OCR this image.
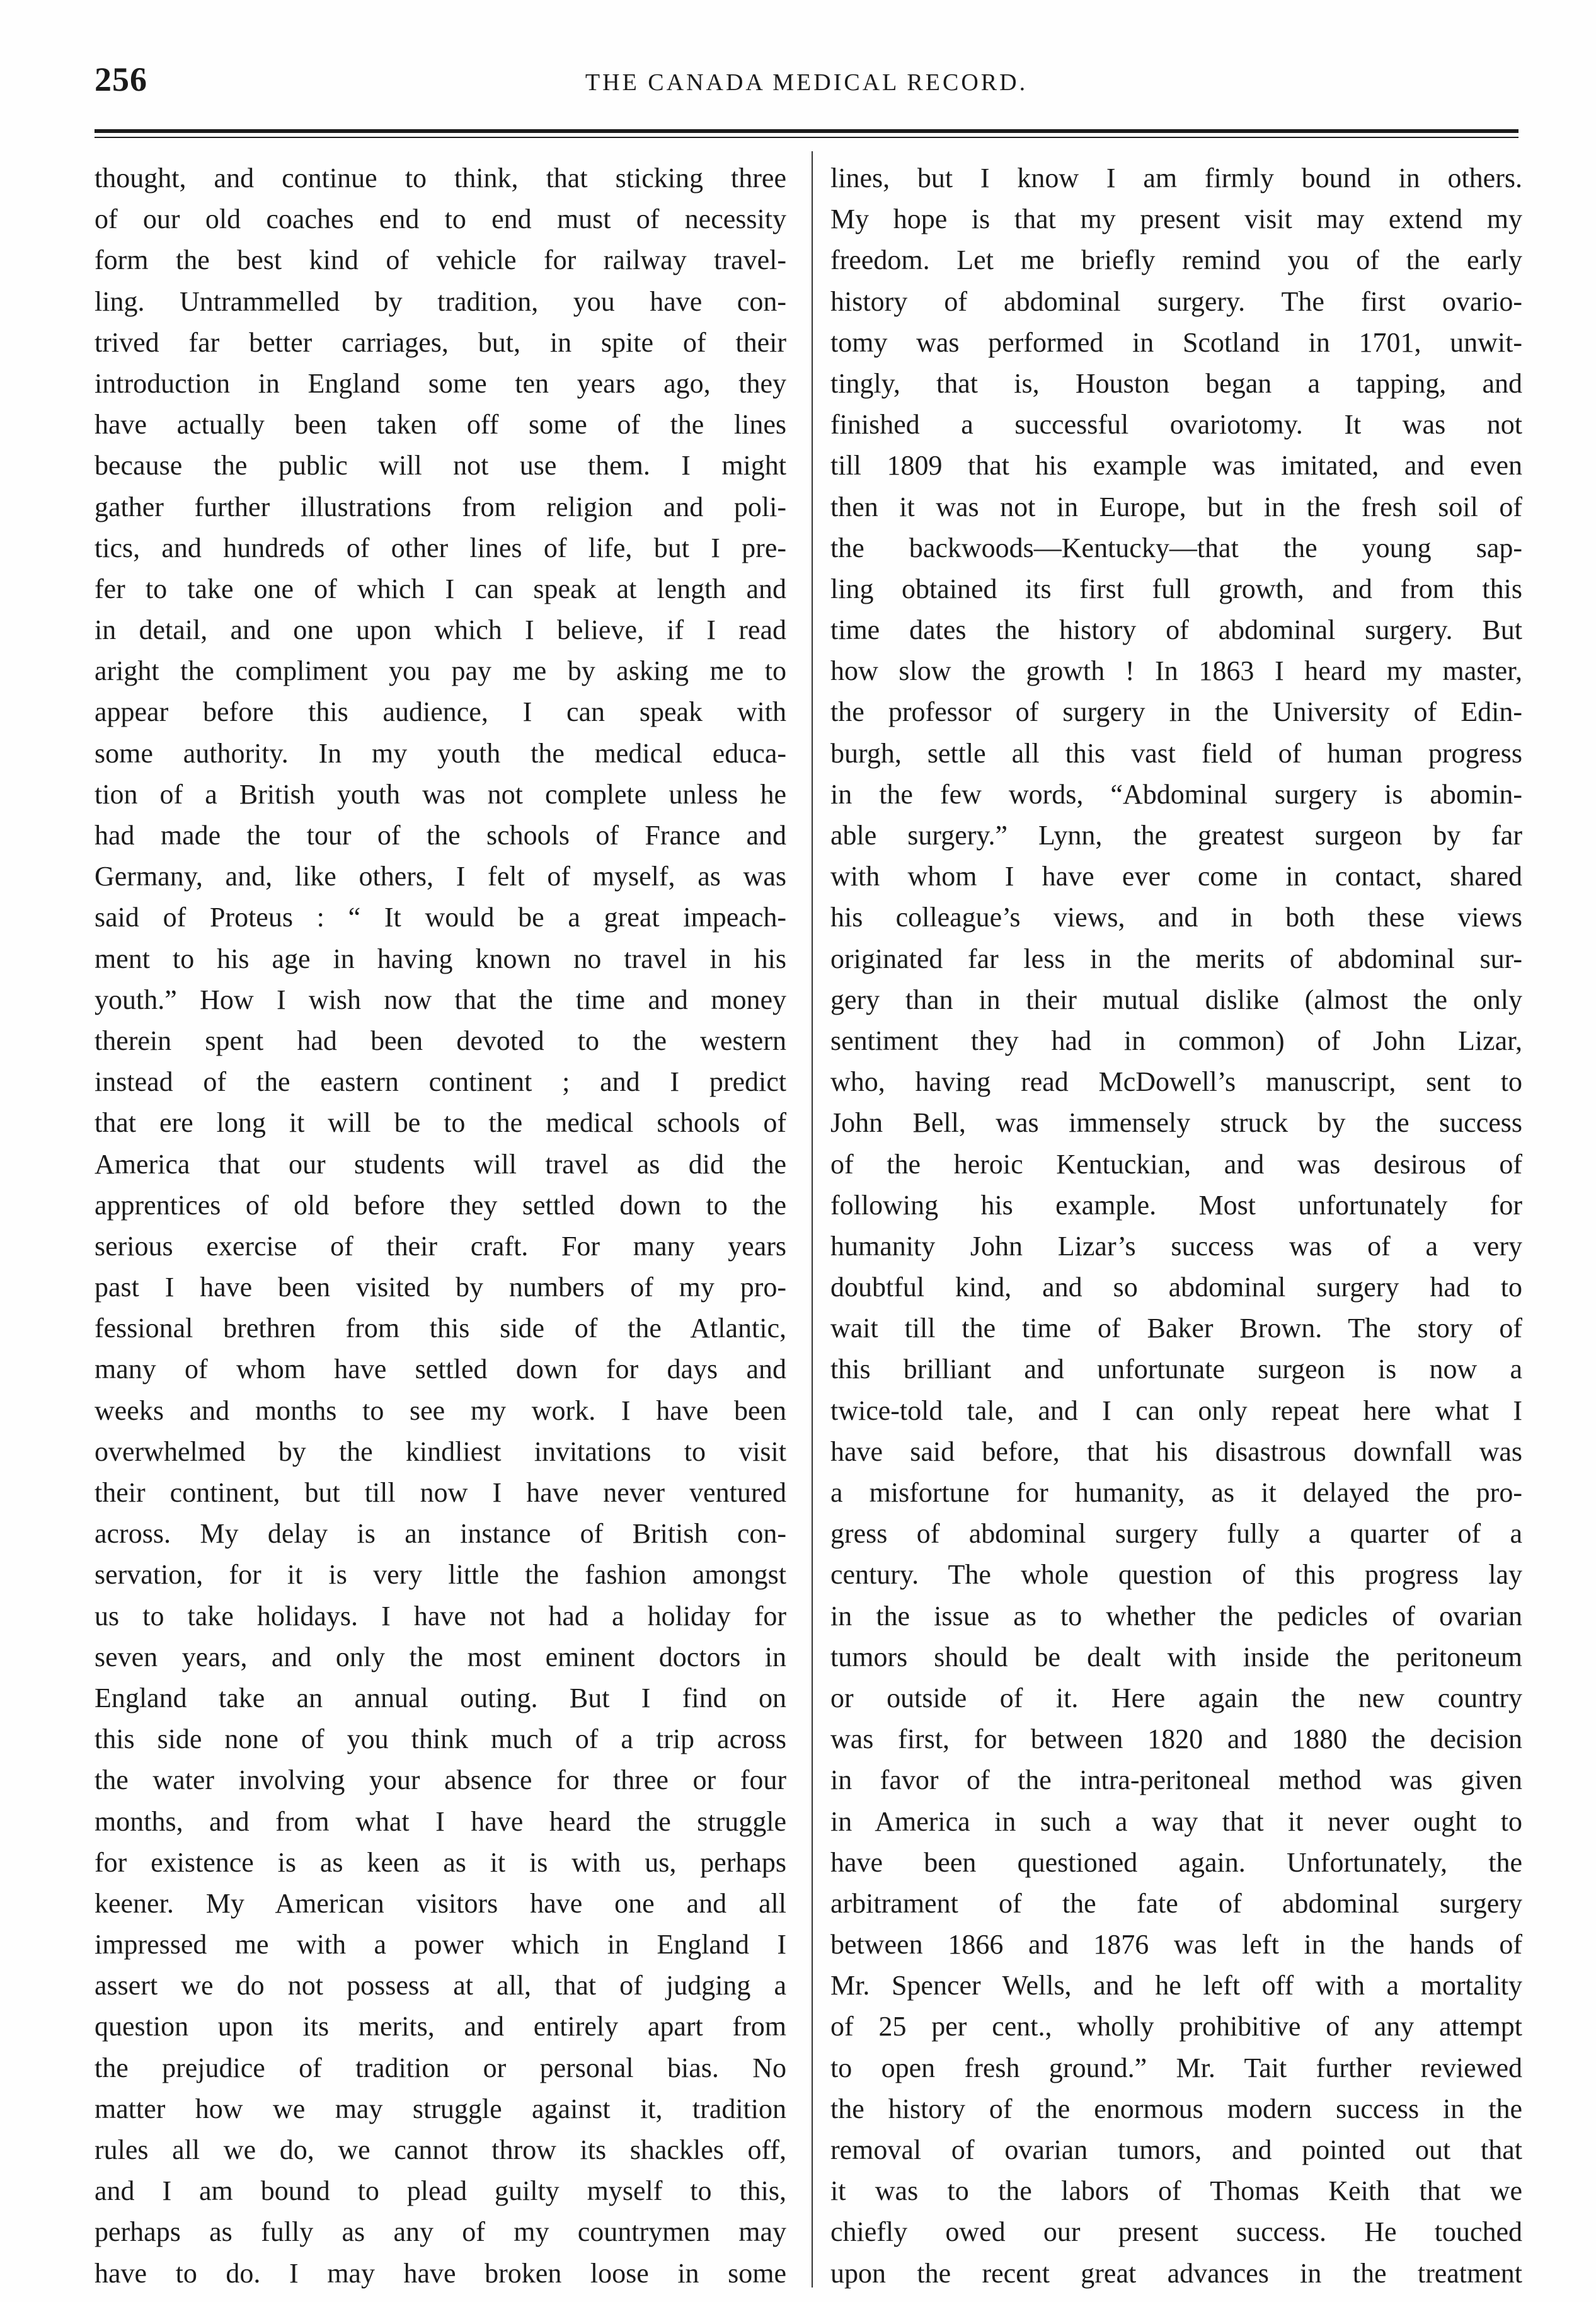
256	THE CANADA MEDICAL RECORD.
thought, and continue to think, that sticking three
of our old coaches end to end must of necessity
form the best kind of vehicle for railway travel-
ling. Untrammelled by tradition, you have con-
trived far better carriages, but, in spite of their
introduction in England some ten years ago, they
have actually been taken off some of the lines
because the public will not use them. I might
gather further illustrations from religion and poli-
tics, and hundreds of other lines of life, but I pre-
fer to take one of which I can speak at length and
in detail, and one upon which I believe, if I read
aright the compliment you pay me by asking me to
appear before this audience, I can speak with
some authority. In my youth the medical educa-
tion of a British youth was not complete unless he
had made the tour of the schools of France and
Germany, and, like others, I felt of myself, as was
said of Proteus : “ It would be a great impeach-
ment to his age in having known no travel in his
youth.” How I wish now that the time and money
therein spent had been devoted to the western
instead of the eastern continent ; and I predict
that ere long it will be to the medical schools of
America that our students will travel as did the
apprentices of old before they settled down to the
serious exercise of their craft. For many years
past I have been visited by numbers of my pro-
fessional brethren from this side of the Atlantic,
many of whom have settled down for days and
weeks and months to see my work. I have been
overwhelmed by the kindliest invitations to visit
their continent, but till now I have never ventured
across. My delay is an instance of British con-
servation, for it is very little the fashion amongst
us to take holidays. I have not had a holiday for
seven years, and only the most eminent doctors in
England take an annual outing. But I find on
this side none of you think much of a trip across
the water involving your absence for three or four
months, and from what I have heard the struggle
for existence is as keen as it is with us, perhaps
keener. My American visitors have one and all
impressed me with a power which in England I
assert we do not possess at all, that of judging a
question upon its merits, and entirely apart from
the prejudice of tradition or personal bias. No
matter how we may struggle against it, tradition
rules all we do, we cannot throw its shackles off,
and I am bound to plead guilty myself to this,
perhaps as fully as any of my countrymen may
have to do. I may have broken loose in some
lines, but I know I am firmly bound in others.
My hope is that my present visit may extend my
freedom. Let me briefly remind you of the early
history of abdominal surgery. The first ovario-
tomy was performed in Scotland in 1701, unwit-
tingly, that is, Houston began a tapping, and
finished a successful ovariotomy. It was not
till 1809 that his example was imitated, and even
then it was not in Europe, but in the fresh soil of
the backwoods—Kentucky—that the young sap-
ling obtained its first full growth, and from this
time dates the history of abdominal surgery. But
how slow the growth ! In 1863 I heard my master,
the professor of surgery in the University of Edin-
burgh, settle all this vast field of human progress
in the few words, “Abdominal surgery is abomin-
able surgery.” Lynn, the greatest surgeon by far
with whom I have ever come in contact, shared
his colleague’s views, and in both these views
originated far less in the merits of abdominal sur-
gery than in their mutual dislike (almost the only
sentiment they had in common) of John Lizar,
who, having read McDowell’s manuscript, sent to
John Bell, was immensely struck by the success
of the heroic Kentuckian, and was desirous of
following his example. Most unfortunately for
humanity John Lizar’s success was of a very
doubtful kind, and so abdominal surgery had to
wait till the time of Baker Brown. The story of
this brilliant and unfortunate surgeon is now a
twice-told tale, and I can only repeat here what I
have said before, that his disastrous downfall was
a misfortune for humanity, as it delayed the pro-
gress of abdominal surgery fully a quarter of a
century. The whole question of this progress lay
in the issue as to whether the pedicles of ovarian
tumors should be dealt with inside the peritoneum
or outside of it. Here again the new country
was first, for between 1820 and 1880 the decision
in favor of the intra-peritoneal method was given
in America in such a way that it never ought to
have been questioned again. Unfortunately, the
arbitrament of the fate of abdominal surgery
between 1866 and 1876 was left in the hands of
Mr. Spencer Wells, and he left off with a mortality
of 25 per cent., wholly prohibitive of any attempt
to open fresh ground.” Mr. Tait further reviewed
the history of the enormous modern success in the
removal of ovarian tumors, and pointed out that
it was to the labors of Thomas Keith that we
chiefly owed our present success. He touched
upon the recent great advances in the treatment
